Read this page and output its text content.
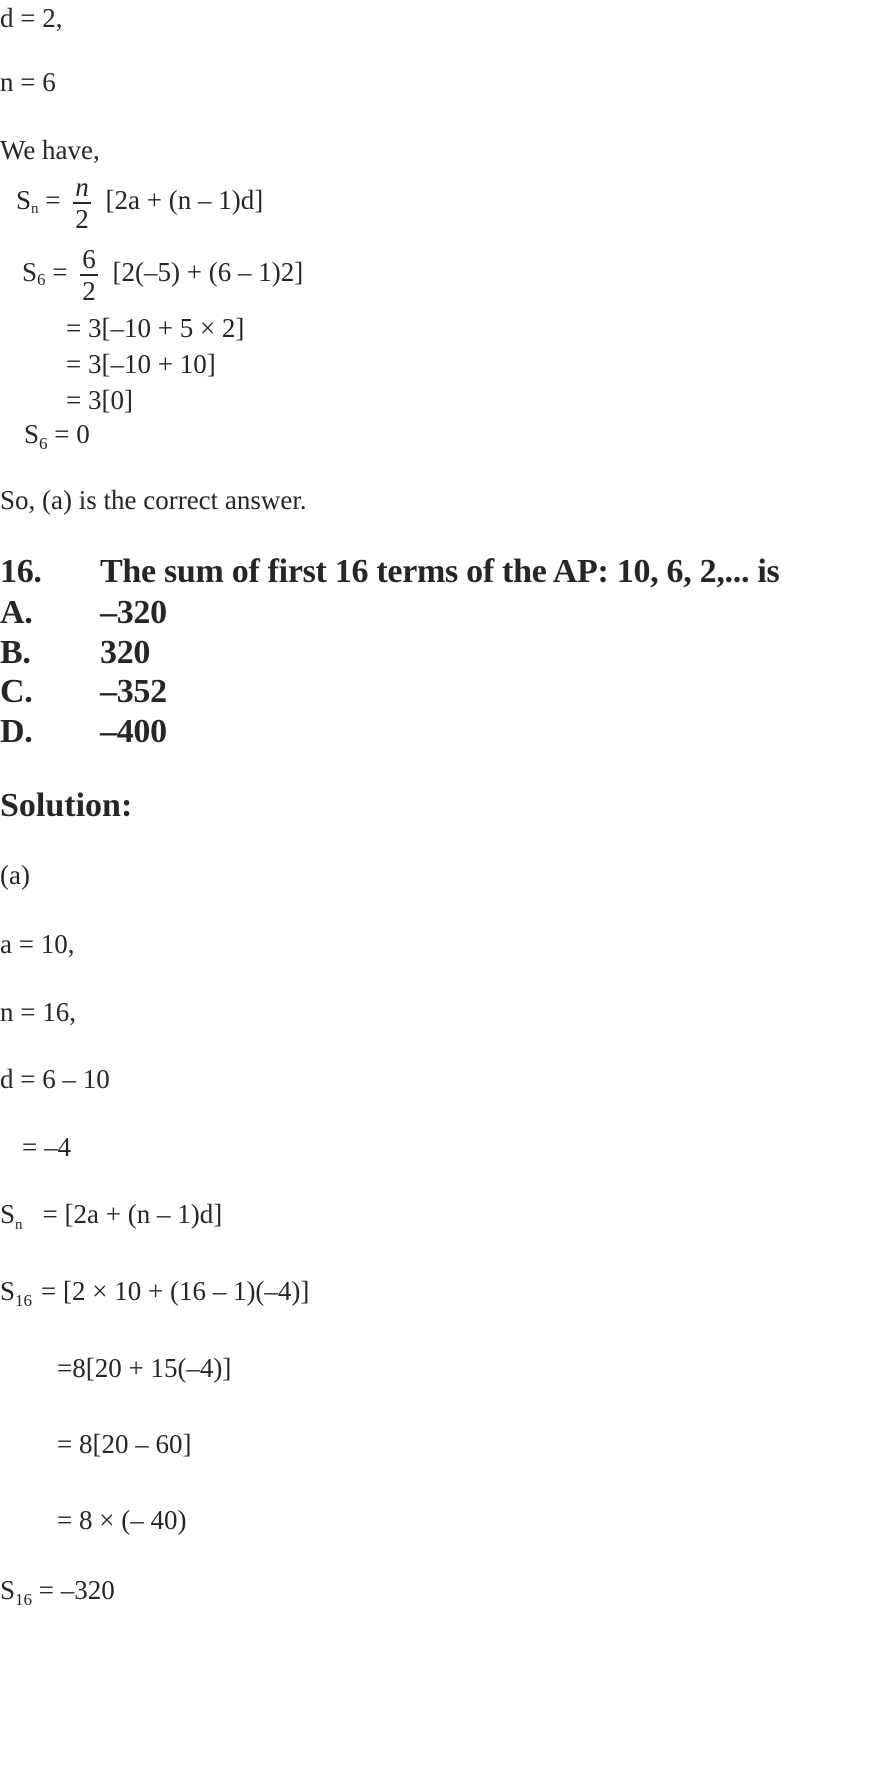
d = 2,
n = 6
We have,
$Sn = \frac{n}{2} [2a + (n - 1)d]$
$S6 = \frac{6}{2} [2(-5) + (6 - 1)2]$
= 3[–10 + 5 × 2]
= 3[–10 + 10]
= 3[0]
$S_6 = 0$
So, (a) is the correct answer.
16. The sum of first 16 terms of the AP: 10, 6, 2,... is
A. –320
B. 320
C. –352
D. –400
Solution:
(a)
a = 10,
n = 16,
d = 6 – 10
= –4
$S_n = [2a + (n - 1)d]$
$S_{16} = [2 \times 10 + (16 - 1)(-4)]$
=8[20 + 15(–4)]
= 8[20 – 60]
= 8 × (– 40)
$S_{16} = -320$
